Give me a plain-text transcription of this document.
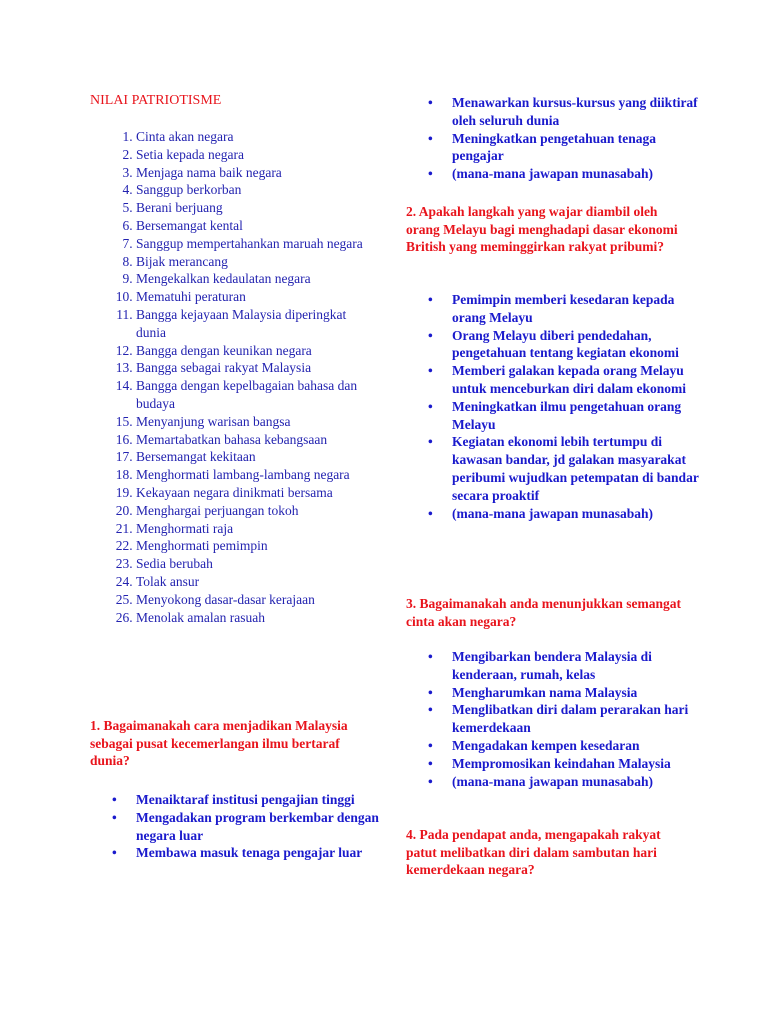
NILAI PATRIOTISME
1. Cinta akan negara
2. Setia kepada negara
3. Menjaga nama baik negara
4. Sanggup berkorban
5. Berani berjuang
6. Bersemangat kental
7. Sanggup mempertahankan maruah negara
8. Bijak merancang
9. Mengekalkan kedaulatan negara
10. Mematuhi peraturan
11. Bangga kejayaan Malaysia diperingkat dunia
12. Bangga dengan keunikan negara
13. Bangga sebagai rakyat Malaysia
14. Bangga dengan kepelbagaian bahasa dan budaya
15. Menyanjung warisan bangsa
16. Memartabatkan bahasa kebangsaan
17. Bersemangat kekitaan
18. Menghormati lambang-lambang negara
19. Kekayaan negara dinikmati bersama
20. Menghargai perjuangan tokoh
21. Menghormati raja
22. Menghormati pemimpin
23. Sedia berubah
24. Tolak ansur
25. Menyokong dasar-dasar kerajaan
26. Menolak amalan rasuah

1. Bagaimanakah cara menjadikan Malaysia sebagai pusat kecemerlangan ilmu bertaraf dunia?

• Menaiktaraf institusi pengajian tinggi
• Mengadakan program berkembar dengan negara luar
• Membawa masuk tenaga pengajar luar
• Menawarkan kursus-kursus yang diiktiraf oleh seluruh dunia
• Meningkatkan pengetahuan tenaga pengajar
• (mana-mana jawapan munasabah)

2. Apakah langkah yang wajar diambil oleh orang Melayu bagi menghadapi dasar ekonomi British yang meminggirkan rakyat pribumi?

• Pemimpin memberi kesedaran kepada orang Melayu
• Orang Melayu diberi pendedahan, pengetahuan tentang kegiatan ekonomi
• Memberi galakan kepada orang Melayu untuk menceburkan diri dalam ekonomi
• Meningkatkan ilmu pengetahuan orang Melayu
• Kegiatan ekonomi lebih tertumpu di kawasan bandar, jd galakan masyarakat peribumi wujudkan petempatan di bandar secara proaktif
• (mana-mana jawapan munasabah)

3. Bagaimanakah anda menunjukkan semangat cinta akan negara?

• Mengibarkan bendera Malaysia di kenderaan, rumah, kelas
• Mengharumkan nama Malaysia
• Menglibatkan diri dalam perarakan hari kemerdekaan
• Mengadakan kempen kesedaran
• Mempromosikan keindahan Malaysia
• (mana-mana jawapan munasabah)

4. Pada pendapat anda, mengapakah rakyat patut melibatkan diri dalam sambutan hari kemerdekaan negara?
